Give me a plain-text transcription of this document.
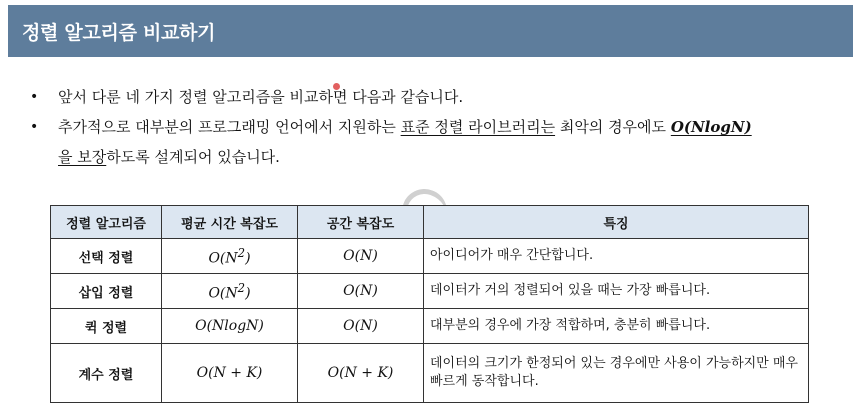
정렬 알고리즘 비교하기
•	앞서 다룬 네 가지 정렬 알고리즘을 비교하면 다음과 같습니다.
•	추가적으로 대부분의 프로그래밍 언어에서 지원하는 표준 정렬 라이브러리는 최악의 경우에도 O(NlogN)
을 보장하도록 설계되어 있습니다.
정렬 알고리즘	평균 시간 복잡도	공간 복잡도	특징
선택 정렬	$O(N^2)$	O(N)	아이디어가 매우 간단합니다.
삽입 정렬	$O(N^2)$	O(N)	데이터가 거의 정렬되어 있을 때는 가장 빠릅니다.
퀵 정렬	O(NlogN)	O(N)	대부분의 경우에 가장 적합하며, 충분히 빠릅니다.
계수 정렬	O(N + K)	O(N + K)	데이터의 크기가 한정되어 있는 경우에만 사용이 가능하지만 매우 빠르게 동작합니다.
